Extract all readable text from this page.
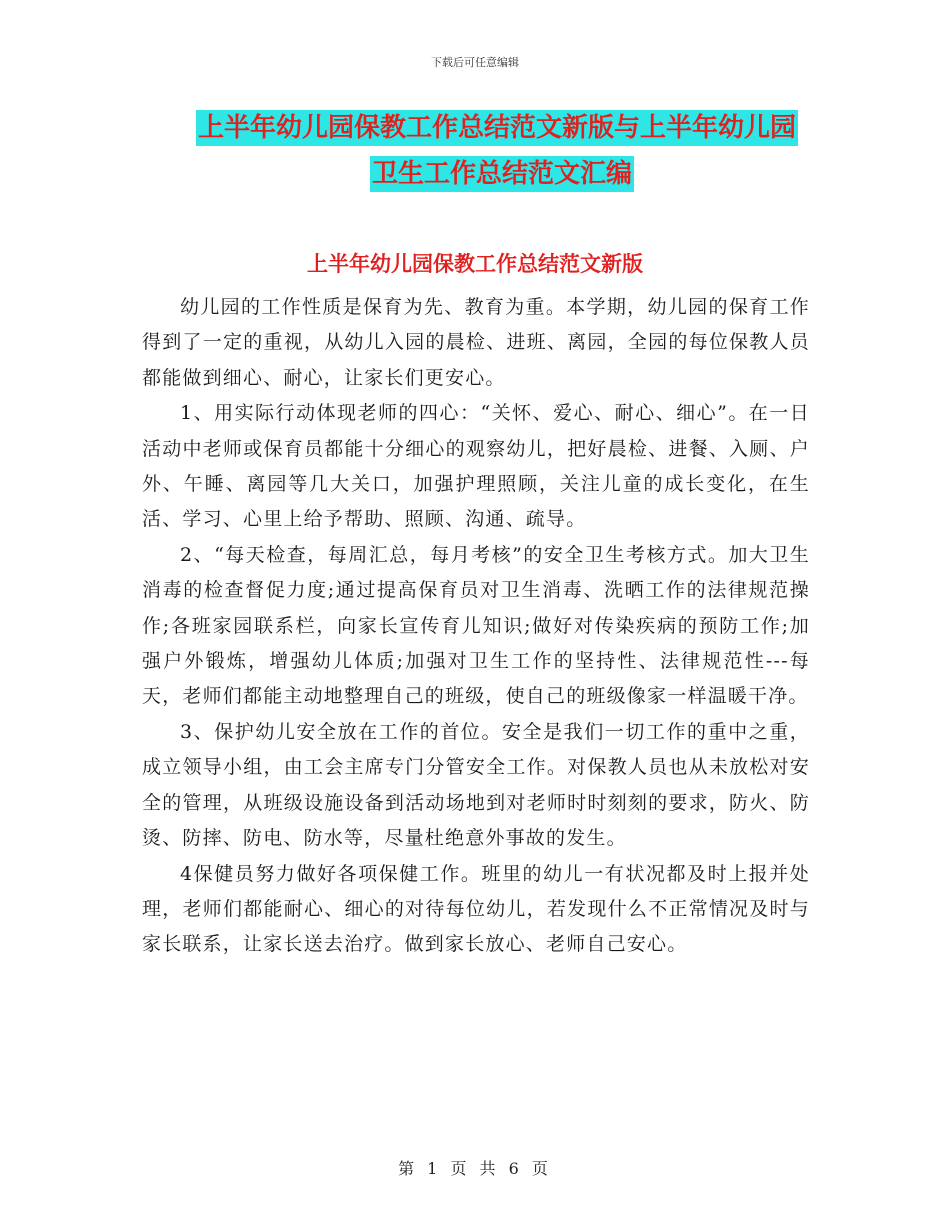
下载后可任意编辑
上半年幼儿园保教工作总结范文新版与上半年幼儿园
卫生工作总结范文汇编
上半年幼儿园保教工作总结范文新版

幼儿园的工作性质是保育为先、教育为重。本学期，幼儿园的保育工作得到了一定的重视，从幼儿入园的晨检、进班、离园，全园的每位保教人员都能做到细心、耐心，让家长们更安心。

1、用实际行动体现老师的四心：“关怀、爱心、耐心、细心”。在一日活动中老师或保育员都能十分细心的观察幼儿，把好晨检、进餐、入厕、户外、午睡、离园等几大关口，加强护理照顾，关注儿童的成长变化，在生活、学习、心里上给予帮助、照顾、沟通、疏导。

2、“每天检查，每周汇总，每月考核”的安全卫生考核方式。加大卫生消毒的检查督促力度;通过提高保育员对卫生消毒、洗晒工作的法律规范操作;各班家园联系栏，向家长宣传育儿知识;做好对传染疾病的预防工作;加强户外锻炼，增强幼儿体质;加强对卫生工作的坚持性、法律规范性---每天，老师们都能主动地整理自己的班级，使自己的班级像家一样温暖干净。

3、保护幼儿安全放在工作的首位。安全是我们一切工作的重中之重，成立领导小组，由工会主席专门分管安全工作。对保教人员也从未放松对安全的管理，从班级设施设备到活动场地到对老师时时刻刻的要求，防火、防烫、防摔、防电、防水等，尽量杜绝意外事故的发生。

4保健员努力做好各项保健工作。班里的幼儿一有状况都及时上报并处理，老师们都能耐心、细心的对待每位幼儿，若发现什么不正常情况及时与家长联系，让家长送去治疗。做到家长放心、老师自己安心。

第 1 页 共 6 页
